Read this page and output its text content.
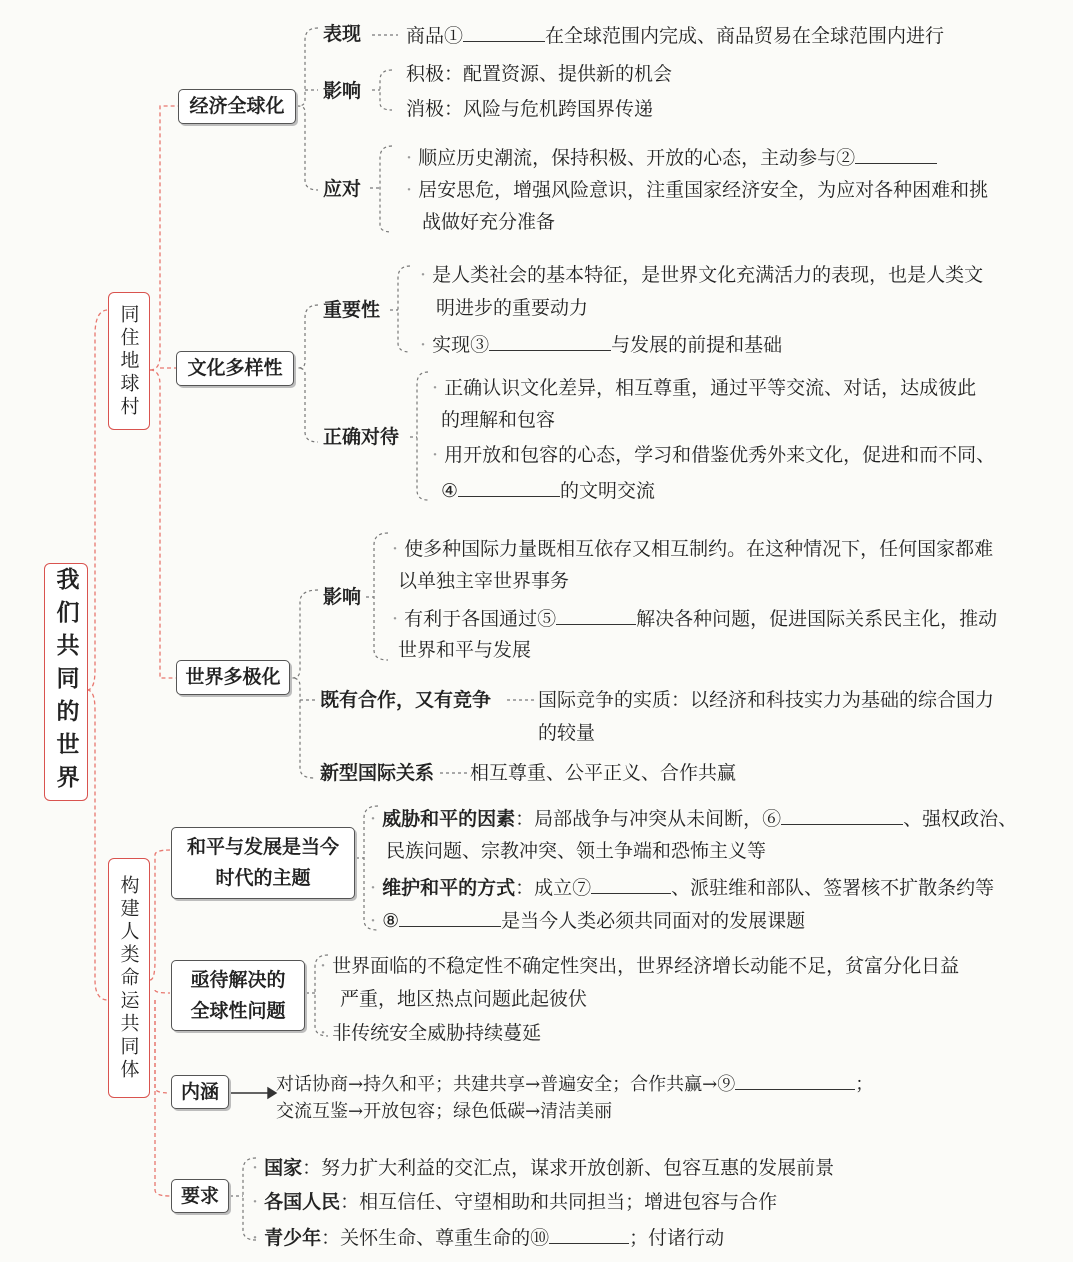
我们共同的世界
同住地球村
经济全球化
表现 商品①	在全球范围内完成、商品贸易在全球范围内进行
影响
积极：配置资源、提供新的机会
消极：风险与危机跨国界传递
应对
· 顺应历史潮流，保持积极、开放的心态，主动参与②
· 居安思危，增强风险意识，注重国家经济安全，为应对各种困难和挑
战做好充分准备
文化多样性
重要性
· 是人类社会的基本特征，是世界文化充满活力的表现，也是人类文
明进步的重要动力
· 实现③	与发展的前提和基础
正确对待
· 正确认识文化差异，相互尊重，通过平等交流、对话，达成彼此
的理解和包容
· 用开放和包容的心态，学习和借鉴优秀外来文化，促进和而不同、
④	的文明交流
世界多极化
影响
· 使多种国际力量既相互依存又相互制约。在这种情况下，任何国家都难
以单独主宰世界事务
· 有利于各国通过⑤	解决各种问题，促进国际关系民主化，推动
世界和平与发展
既有合作，又有竞争 国际竞争的实质：以经济和科技实力为基础的综合国力
的较量
新型国际关系 相互尊重、公平正义、合作共赢
构建人类命运共同体
和平与发展是当今
时代的主题
· 威胁和平的因素：局部战争与冲突从未间断，⑥	、强权政治、
民族问题、宗教冲突、领土争端和恐怖主义等
· 维护和平的方式：成立⑦	、派驻维和部队、签署核不扩散条约等
· ⑧	是当今人类必须共同面对的发展课题
亟待解决的
全球性问题
· 世界面临的不稳定性不确定性突出，世界经济增长动能不足，贫富分化日益
严重，地区热点问题此起彼伏
· 非传统安全威胁持续蔓延
内涵	对话协商→持久和平；共建共享→普遍安全；合作共赢→⑨	；
交流互鉴→开放包容；绿色低碳→清洁美丽
要求
· 国家：努力扩大利益的交汇点，谋求开放创新、包容互惠的发展前景
· 各国人民：相互信任、守望相助和共同担当；增进包容与合作
· 青少年：关怀生命、尊重生命的⑩	；付诸行动
